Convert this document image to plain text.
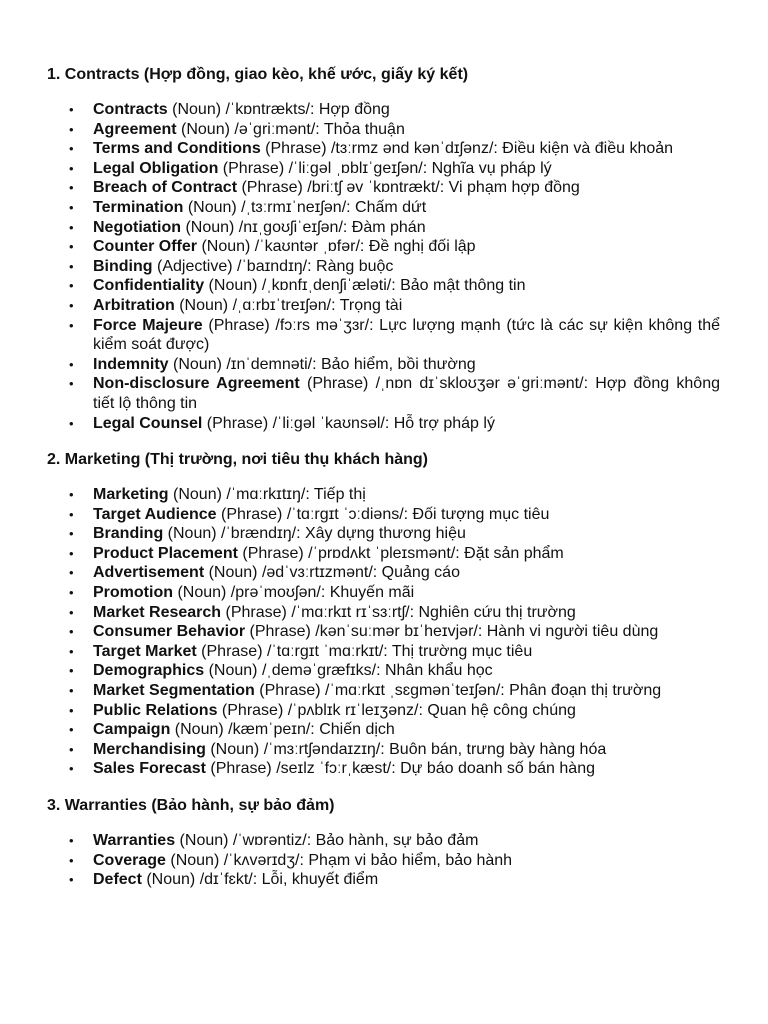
1. Contracts (Hợp đồng, giao kèo, khế ước, giấy ký kết)

• Contracts (Noun) /ˈkɒntrækts/: Hợp đồng
• Agreement (Noun) /əˈɡriːmənt/: Thỏa thuận
• Terms and Conditions (Phrase) /tɜːrmz ənd kənˈdɪʃənz/: Điều kiện và điều khoản
• Legal Obligation (Phrase) /ˈliːɡəl ˌɒblɪˈɡeɪʃən/: Nghĩa vụ pháp lý
• Breach of Contract (Phrase) /briːtʃ əv ˈkɒntrækt/: Vi phạm hợp đồng
• Termination (Noun) /ˌtɜːrmɪˈneɪʃən/: Chấm dứt
• Negotiation (Noun) /nɪˌɡoʊʃiˈeɪʃən/: Đàm phán
• Counter Offer (Noun) /ˈkaʊntər ˌɒfər/: Đề nghị đối lập
• Binding (Adjective) /ˈbaɪndɪŋ/: Ràng buộc
• Confidentiality (Noun) /ˌkɒnfɪˌdenʃiˈæləti/: Bảo mật thông tin
• Arbitration (Noun) /ˌɑːrbɪˈtreɪʃən/: Trọng tài
• Force Majeure (Phrase) /fɔːrs məˈʒɜr/: Lực lượng mạnh (tức là các sự kiện không thể kiểm soát được)
• Indemnity (Noun) /ɪnˈdemnəti/: Bảo hiểm, bồi thường
• Non-disclosure Agreement (Phrase) /ˌnɒn dɪˈskloʊʒər əˈɡriːmənt/: Hợp đồng không tiết lộ thông tin
• Legal Counsel (Phrase) /ˈliːɡəl ˈkaʊnsəl/: Hỗ trợ pháp lý

2. Marketing (Thị trường, nơi tiêu thụ khách hàng)

• Marketing (Noun) /ˈmɑːrkɪtɪŋ/: Tiếp thị
• Target Audience (Phrase) /ˈtɑːrɡɪt ˈɔːdiəns/: Đối tượng mục tiêu
• Branding (Noun) /ˈbrændɪŋ/: Xây dựng thương hiệu
• Product Placement (Phrase) /ˈprɒdʌkt ˈpleɪsmənt/: Đặt sản phẩm
• Advertisement (Noun) /ədˈvɜːrtɪzmənt/: Quảng cáo
• Promotion (Noun) /prəˈmoʊʃən/: Khuyến mãi
• Market Research (Phrase) /ˈmɑːrkɪt rɪˈsɜːrtʃ/: Nghiên cứu thị trường
• Consumer Behavior (Phrase) /kənˈsuːmər bɪˈheɪvjər/: Hành vi người tiêu dùng
• Target Market (Phrase) /ˈtɑːrɡɪt ˈmɑːrkɪt/: Thị trường mục tiêu
• Demographics (Noun) /ˌdeməˈɡræfɪks/: Nhân khẩu học
• Market Segmentation (Phrase) /ˈmɑːrkɪt ˌsɛɡmənˈteɪʃən/: Phân đoạn thị trường
• Public Relations (Phrase) /ˈpʌblɪk rɪˈleɪʒənz/: Quan hệ công chúng
• Campaign (Noun) /kæmˈpeɪn/: Chiến dịch
• Merchandising (Noun) /ˈmɜːrtʃəndaɪzɪŋ/: Buôn bán, trưng bày hàng hóa
• Sales Forecast (Phrase) /seɪlz ˈfɔːrˌkæst/: Dự báo doanh số bán hàng

3. Warranties (Bảo hành, sự bảo đảm)

• Warranties (Noun) /ˈwɒrəntiz/: Bảo hành, sự bảo đảm
• Coverage (Noun) /ˈkʌvərɪdʒ/: Phạm vi bảo hiểm, bảo hành
• Defect (Noun) /dɪˈfɛkt/: Lỗi, khuyết điểm
